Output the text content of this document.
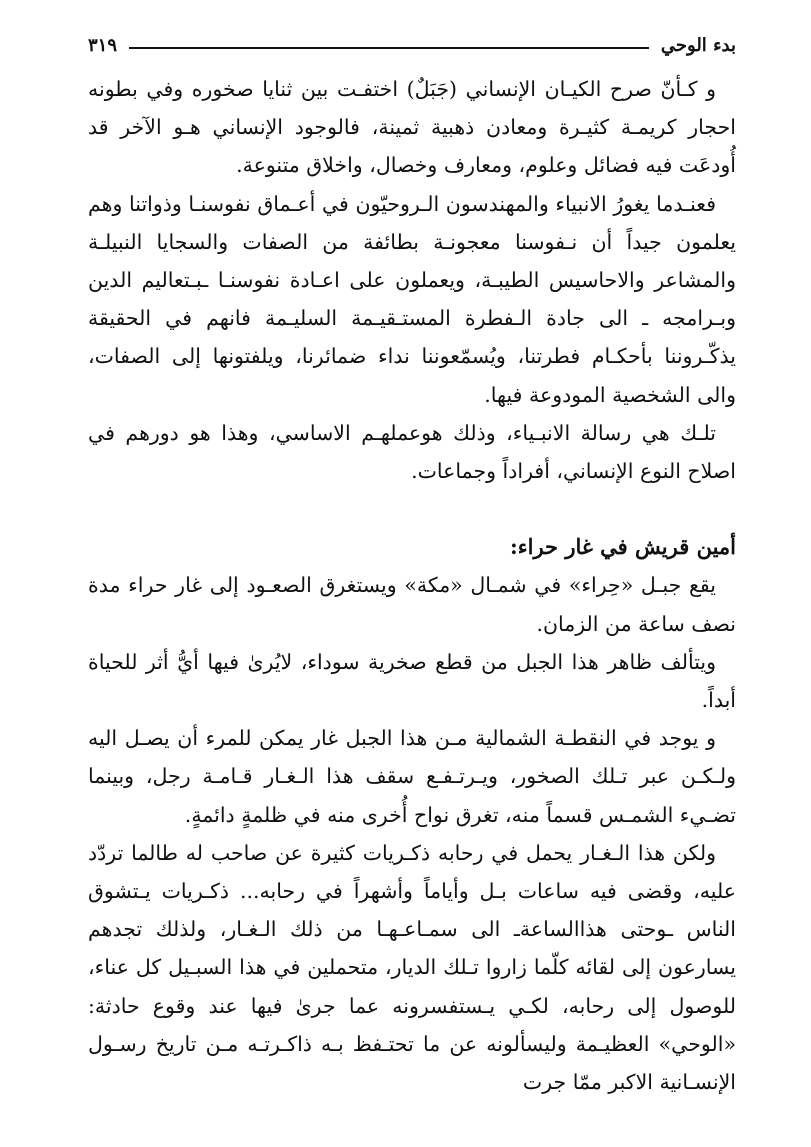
بدء الوحي
٣١٩

و كـأنّ صرح الكيـان الإنساني (جَبَلٌ) اختفـت بين ثنايا صخوره وفي بطونه احجار كريمـة كثيـرة ومعادن ذهبية ثمينة، فالوجود الإنساني هـو الآخر قد أُودعَت فيه فضائل وعلوم، ومعارف وخصال، واخلاق متنوعة.

فعنـدما يغورُ الانبياء والمهندسون الـروحيّون في أعـماق نفوسنـا وذواتنا وهم يعلمون جيداً أن نـفوسنا معجونـة بطائفة من الصفات والسجايا النبيلـة والمشاعر والاحاسيس الطيبـة، ويعملون على اعـادة نفوسنـا ـبـتعاليم الدين وبـرامجه ـ الى جادة الـفطرة المستـقيـمة السليـمة فانهم في الحقيقة يذكّـروننا بأحكـام فطرتنا، ويُسمّعوننا نداء ضمائرنا، ويلفتونها إلى الصفات، والى الشخصية المودوعة فيها.

تلـك هي رسالة الانبـياء، وذلك هوعملهـم الاساسي، وهذا هو دورهم في اصلاح النوع الإنساني، أفراداً وجماعات.

أمين قريش في غار حراء:

يقع جبـل «حِراء» في شمـال «مكة» ويستغرق الصعـود إلى غار حراء مدة نصف ساعة من الزمان.

ويتألف ظاهر هذا الجبل من قطع صخرية سوداء، لايُرىٰ فيها أيُّ أثر للحياة أبداً.

و يوجد في النقطـة الشمالية مـن هذا الجبل غار يمكن للمرء أن يصـل اليه ولـكـن عبر تـلك الصخور، ويـرتـفـع سقف هذا الـغـار قـامـة رجل، وبينما تضـيء الشمـس قسماً منه، تغرق نواح أُخرى منه في ظلمةٍ دائمةٍ.

ولكن هذا الـغـار يحمل في رحابه ذكـريات كثيرة عن صاحب له طالما تردّد عليه، وقضى فيه ساعات بـل وأياماً وأشهراً في رحابه... ذكـريات يـتشوق الناس ـوحتى هذاالساعةـ الى سمـاعـهـا من ذلك الـغـار، ولذلك تجدهم يسارعون إلى لقائه كلّما زاروا تـلك الديار، متحملين في هذا السبـيل كل عناء، للوصول إلى رحابه، لكـي يـستفسرونه عما جرىٰ فيها عند وقوع حادثة: «الوحي» العظيـمة وليسألونه عن ما تحتـفظ بـه ذاكـرتـه مـن تاريخ رسـول الإنسـانية الاكبر ممّا جرت
